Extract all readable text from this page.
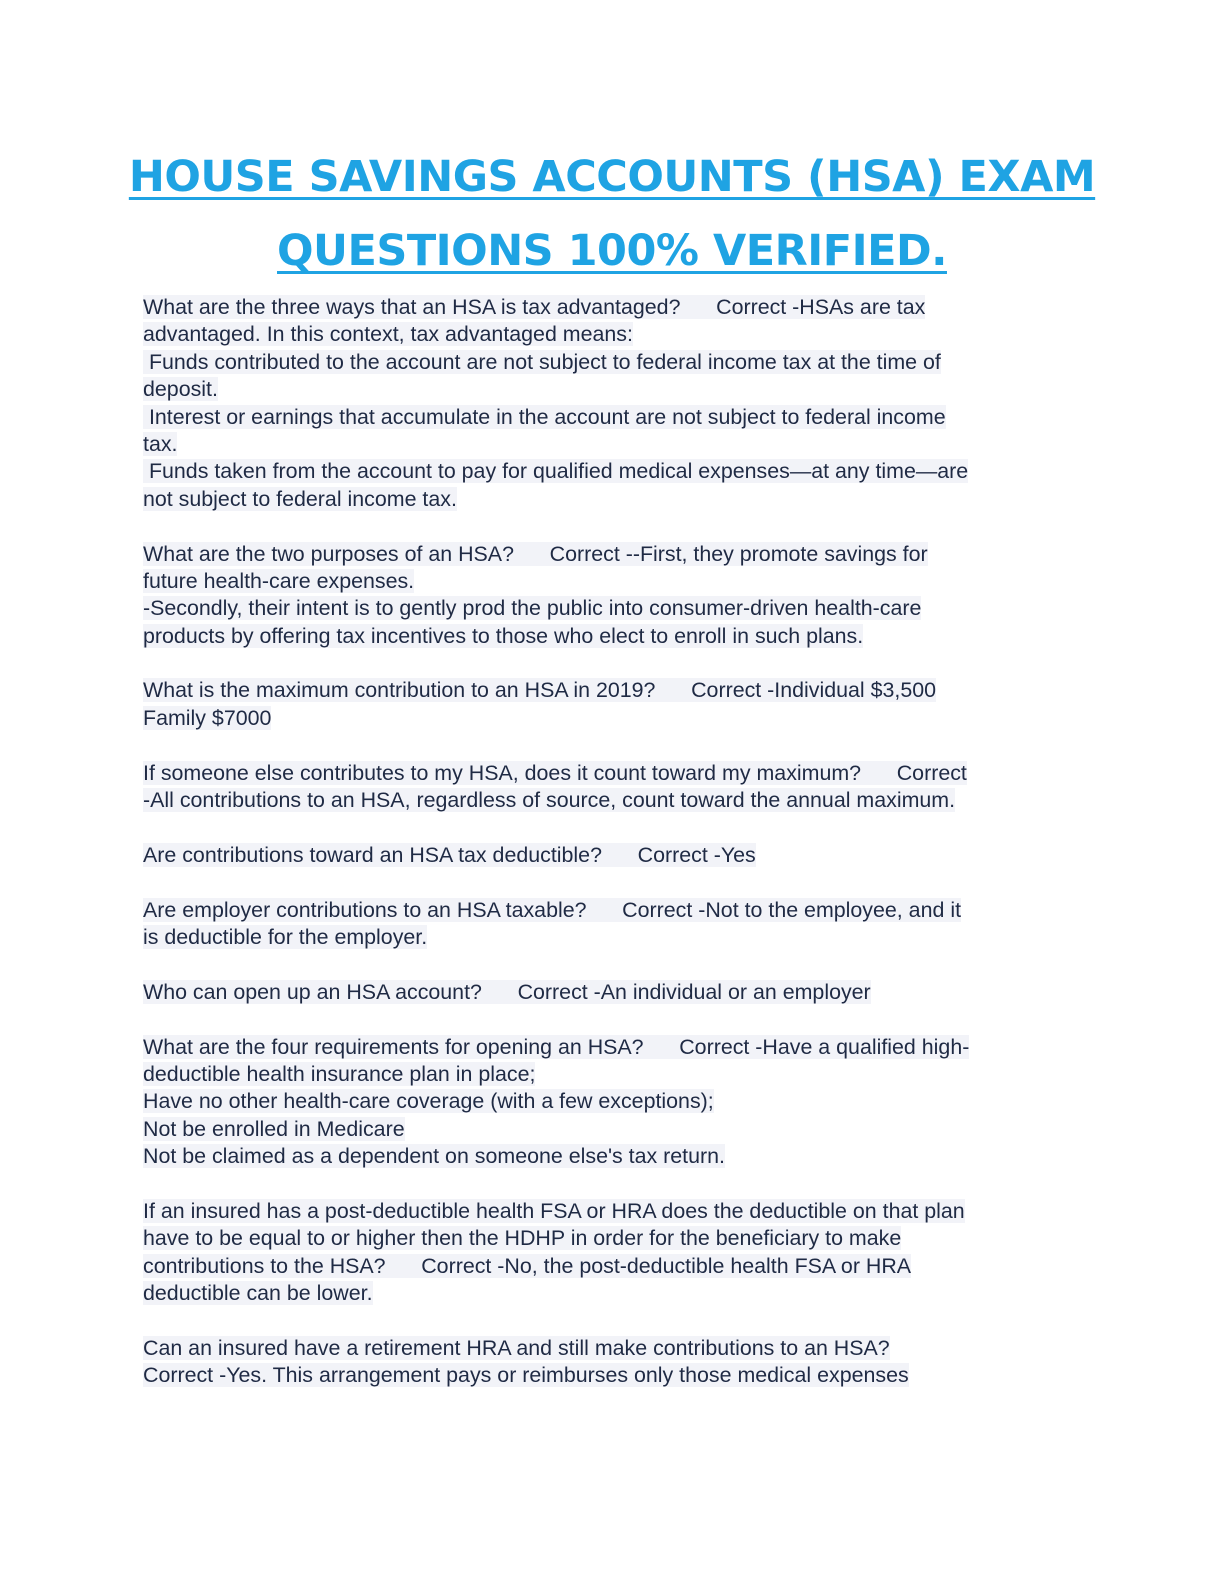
HOUSE SAVINGS ACCOUNTS (HSA) EXAM
QUESTIONS 100% VERIFIED.
What are the three ways that an HSA is tax advantaged?      Correct -HSAs are tax
advantaged. In this context, tax advantaged means:
Funds contributed to the account are not subject to federal income tax at the time of
deposit.
Interest or earnings that accumulate in the account are not subject to federal income
tax.
Funds taken from the account to pay for qualified medical expenses—at any time—are
not subject to federal income tax.
What are the two purposes of an HSA?      Correct --First, they promote savings for
future health-care expenses.
-Secondly, their intent is to gently prod the public into consumer-driven health-care
products by offering tax incentives to those who elect to enroll in such plans.
What is the maximum contribution to an HSA in 2019?      Correct -Individual $3,500
Family $7000
If someone else contributes to my HSA, does it count toward my maximum?      Correct
-All contributions to an HSA, regardless of source, count toward the annual maximum.
Are contributions toward an HSA tax deductible?      Correct -Yes
Are employer contributions to an HSA taxable?      Correct -Not to the employee, and it
is deductible for the employer.
Who can open up an HSA account?      Correct -An individual or an employer
What are the four requirements for opening an HSA?      Correct -Have a qualified high-
deductible health insurance plan in place;
Have no other health-care coverage (with a few exceptions);
Not be enrolled in Medicare
Not be claimed as a dependent on someone else's tax return.
If an insured has a post-deductible health FSA or HRA does the deductible on that plan
have to be equal to or higher then the HDHP in order for the beneficiary to make
contributions to the HSA?      Correct -No, the post-deductible health FSA or HRA
deductible can be lower.
Can an insured have a retirement HRA and still make contributions to an HSA?
Correct -Yes. This arrangement pays or reimburses only those medical expenses
